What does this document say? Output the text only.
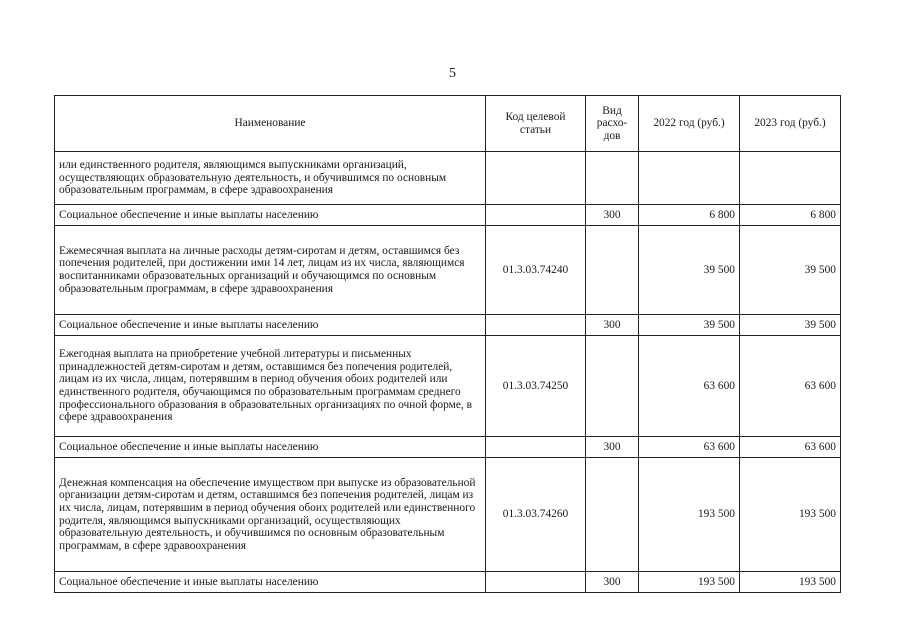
5
Наименование	Код целевой статьи	Вид расхо-дов	2022 год (руб.)	2023 год (руб.)
или единственного родителя, являющимся выпускниками организаций, осуществляющих образовательную деятельность, и обучившимся по основным образовательным программам, в сфере здравоохранения				
Социальное обеспечение и иные выплаты населению		300	6 800	6 800
Ежемесячная выплата на личные расходы детям-сиротам и детям, оставшимся без попечения родителей, при достижении ими 14 лет, лицам из их числа, являющимся воспитанниками образовательных организаций и обучающимся по основным образовательным программам, в сфере здравоохранения	01.3.03.74240		39 500	39 500
Социальное обеспечение и иные выплаты населению		300	39 500	39 500
Ежегодная выплата на приобретение учебной литературы и письменных принадлежностей детям-сиротам и детям, оставшимся без попечения родителей, лицам из их числа, лицам, потерявшим в период обучения обоих родителей или единственного родителя, обучающимся по образовательным программам среднего профессионального образования в образовательных организациях по очной форме, в сфере здравоохранения	01.3.03.74250		63 600	63 600
Социальное обеспечение и иные выплаты населению		300	63 600	63 600
Денежная компенсация на обеспечение имуществом при выпуске из образовательной организации детям-сиротам и детям, оставшимся без попечения родителей, лицам из их числа, лицам, потерявшим в период обучения обоих родителей или единственного родителя, являющимся выпускниками организаций, осуществляющих образовательную деятельность, и обучившимся по основным образовательным программам, в сфере здравоохранения	01.3.03.74260		193 500	193 500
Социальное обеспечение и иные выплаты населению		300	193 500	193 500
